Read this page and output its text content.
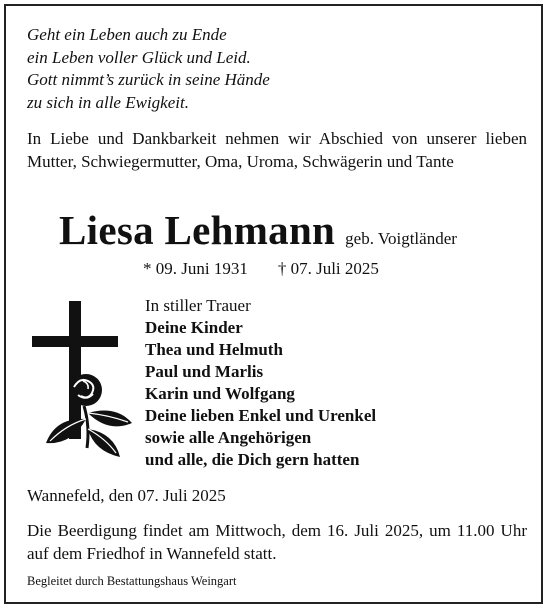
Geht ein Leben auch zu Ende
ein Leben voller Glück und Leid.
Gott nimmt’s zurück in seine Hände
zu sich in alle Ewigkeit.
In Liebe und Dankbarkeit nehmen wir Abschied von unserer lieben Mutter, Schwiegermutter, Oma, Uroma, Schwägerin und Tante
Liesa Lehmann geb. Voigtländer
* 09. Juni 1931 † 07. Juli 2025
In stiller Trauer
Deine Kinder
Thea und Helmuth
Paul und Marlis
Karin und Wolfgang
Deine lieben Enkel und Urenkel
sowie alle Angehörigen
und alle, die Dich gern hatten
Wannefeld, den 07. Juli 2025
Die Beerdigung findet am Mittwoch, dem 16. Juli 2025, um 11.00 Uhr auf dem Friedhof in Wannefeld statt.
Begleitet durch Bestattungshaus Weingart
